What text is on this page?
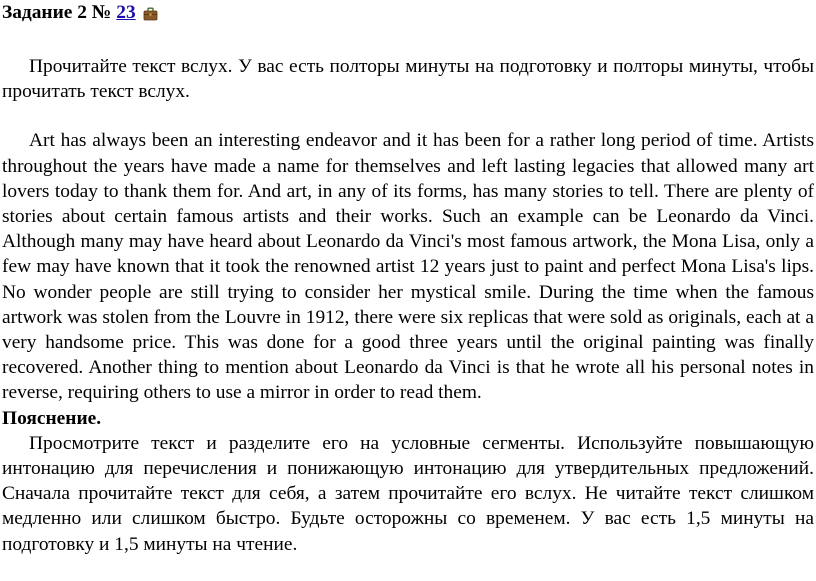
Задание 2 № 23

Прочитайте текст вслух. У вас есть полторы минуты на подготовку и полторы минуты, чтобы прочитать текст вслух.

Art has always been an interesting endeavor and it has been for a rather long period of time. Artists throughout the years have made a name for themselves and left lasting legacies that allowed many art lovers today to thank them for. And art, in any of its forms, has many stories to tell. There are plenty of stories about certain famous artists and their works. Such an example can be Leonardo da Vinci. Although many may have heard about Leonardo da Vinci's most famous artwork, the Mona Lisa, only a few may have known that it took the renowned artist 12 years just to paint and perfect Mona Lisa's lips. No wonder people are still trying to consider her mystical smile. During the time when the famous artwork was stolen from the Louvre in 1912, there were six replicas that were sold as originals, each at a very handsome price. This was done for a good three years until the original painting was finally recovered. Another thing to mention about Leonardo da Vinci is that he wrote all his personal notes in reverse, requiring others to use a mirror in order to read them.

Пояснение.

Просмотрите текст и разделите его на условные сегменты. Используйте повышающую интонацию для перечисления и понижающую интонацию для утвердительных предложений. Сначала прочитайте текст для себя, а затем прочитайте его вслух. Не читайте текст слишком медленно или слишком быстро. Будьте осторожны со временем. У вас есть 1,5 минуты на подготовку и 1,5 минуты на чтение.
